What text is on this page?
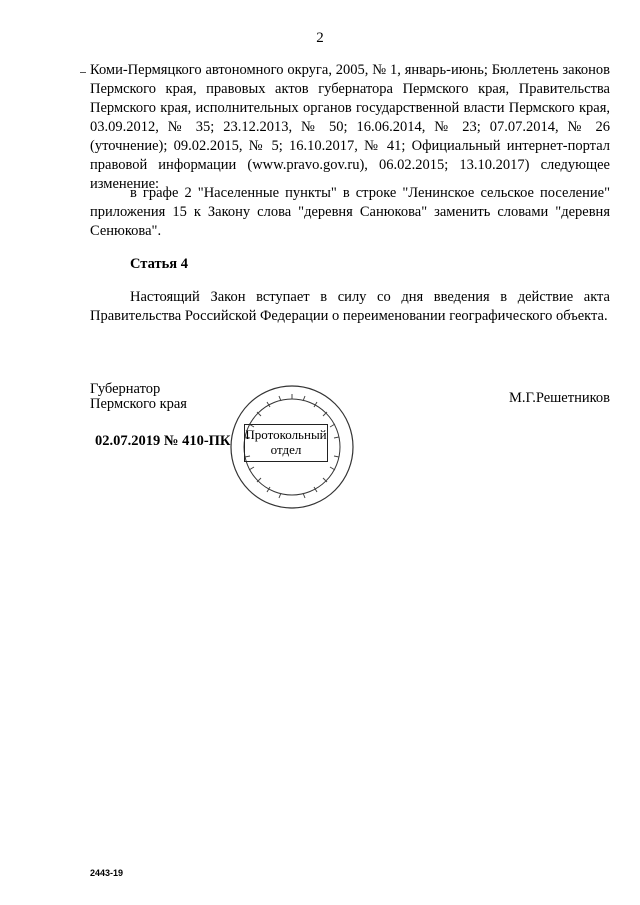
2
Коми-Пермяцкого автономного округа, 2005, № 1, январь-июнь; Бюллетень законов Пермского края, правовых актов губернатора Пермского края, Правительства Пермского края, исполнительных органов государственной власти Пермского края, 03.09.2012, № 35; 23.12.2013, № 50; 16.06.2014, № 23; 07.07.2014, № 26 (уточнение); 09.02.2015, № 5; 16.10.2017, № 41; Официальный интернет-портал правовой информации (www.pravo.gov.ru), 06.02.2015; 13.10.2017) следующее изменение:
в графе 2 "Населенные пункты" в строке "Ленинское сельское поселение" приложения 15 к Закону слова "деревня Санюкова" заменить словами "деревня Сенюкова".
Статья 4
Настоящий Закон вступает в силу со дня введения в действие акта Правительства Российской Федерации о переименовании географического объекта.
Губернатор
Пермского края	М.Г.Решетников
02.07.2019 № 410-ПК Протокольный
отдел
2443-19
